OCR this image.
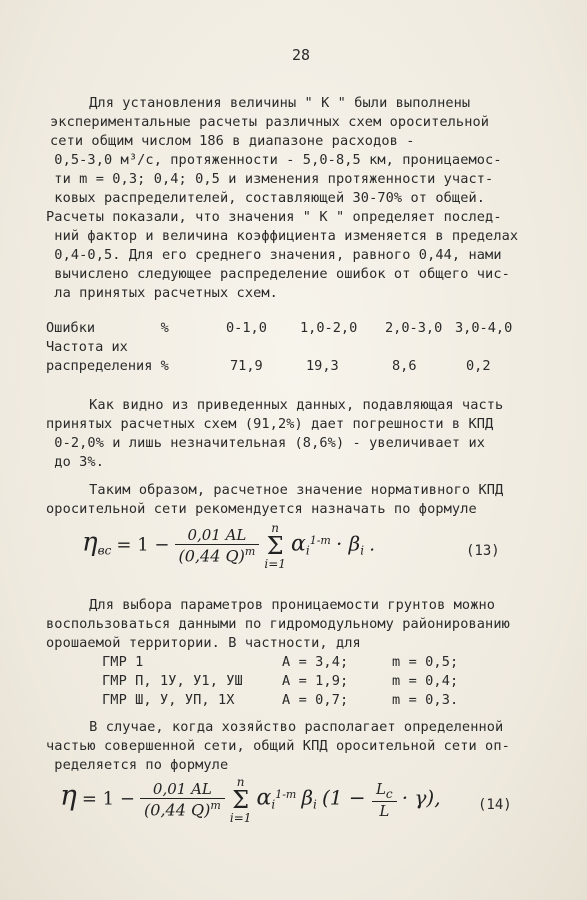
28
Для установления величины " K " были выполнены
экспериментальные расчеты различных схем оросительной
сети общим числом 186 в диапазоне расходов -
0,5-3,0 м³/с, протяженности - 5,0-8,5 км, проницаемос-
ти m = 0,3; 0,4; 0,5 и изменения протяженности участ-
ковых распределителей, составляющей 30-70% от общей.
Расчеты показали, что значения " K " определяет послед-
ний фактор и величина коэффициента изменяется в пределах
0,4-0,5. Для его среднего значения, равного 0,44, нами
вычислено следующее распределение ошибок от общего чис-
ла принятых расчетных схем.
Ошибки        %	0-1,0 1,0-2,0 2,0-3,0 3,0-4,0
Частота их
распределения %	71,9	19,3	8,6	0,2
Как видно из приведенных данных, подавляющая часть
принятых расчетных схем (91,2%) дает погрешности в КПД
0-2,0% и лишь незначительная (8,6%) - увеличивает их
до 3%.
Таким образом, расчетное значение нормативного КПД
оросительной сети рекомендуется назначать по формуле
$\eta_{вс} = 1 - \frac{0,01 AL}{(0,44 Q)^m}$
n
Σ
i=1
$\alpha_i^{1-m} \cdot \beta_i$ .	(13)
Для выбора параметров проницаемости грунтов можно
воспользоваться данными по гидромодульному районированию
орошаемой территории. В частности, для
ГМР 1	A = 3,4;	m = 0,5;
ГМР П, 1У, У1, УШ	A = 1,9;	m = 0,4;
ГМР Ш, У, УП, 1Х	A = 0,7;	m = 0,3.
В случае, когда хозяйство располагает определенной
частью совершенной сети, общий КПД оросительной сети оп-
ределяется по формуле
$\eta = 1 - \frac{0,01 AL}{(0,44 Q)^m}$
n
Σ
i=1
$\alpha_i^{1-m}$ $\beta_i$ $(1 - \frac{L_c}{L} \cdot \gamma)$,	(14)
